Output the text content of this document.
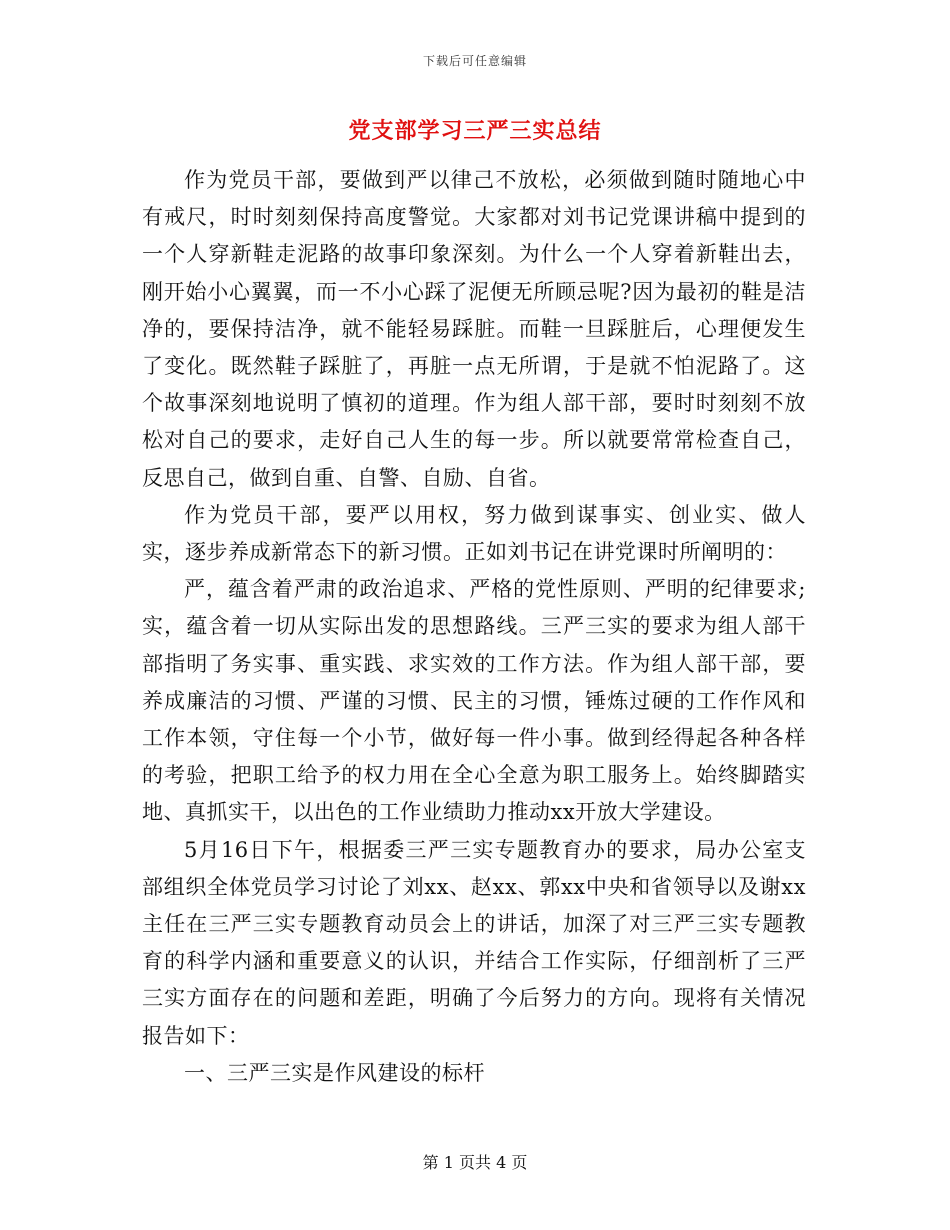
下载后可任意编辑
党支部学习三严三实总结

作为党员干部，要做到严以律己不放松，必须做到随时随地心中有戒尺，时时刻刻保持高度警觉。大家都对刘书记党课讲稿中提到的一个人穿新鞋走泥路的故事印象深刻。为什么一个人穿着新鞋出去，刚开始小心翼翼，而一不小心踩了泥便无所顾忌呢?因为最初的鞋是洁净的，要保持洁净，就不能轻易踩脏。而鞋一旦踩脏后，心理便发生了变化。既然鞋子踩脏了，再脏一点无所谓，于是就不怕泥路了。这个故事深刻地说明了慎初的道理。作为组人部干部，要时时刻刻不放松对自己的要求，走好自己人生的每一步。所以就要常常检查自己，反思自己，做到自重、自警、自励、自省。

作为党员干部，要严以用权，努力做到谋事实、创业实、做人实，逐步养成新常态下的新习惯。正如刘书记在讲党课时所阐明的：

严，蕴含着严肃的政治追求、严格的党性原则、严明的纪律要求;实，蕴含着一切从实际出发的思想路线。三严三实的要求为组人部干部指明了务实事、重实践、求实效的工作方法。作为组人部干部，要养成廉洁的习惯、严谨的习惯、民主的习惯，锤炼过硬的工作作风和工作本领，守住每一个小节，做好每一件小事。做到经得起各种各样的考验，把职工给予的权力用在全心全意为职工服务上。始终脚踏实地、真抓实干，以出色的工作业绩助力推动xx开放大学建设。

5月16日下午，根据委三严三实专题教育办的要求，局办公室支部组织全体党员学习讨论了刘xx、赵xx、郭xx中央和省领导以及谢xx主任在三严三实专题教育动员会上的讲话，加深了对三严三实专题教育的科学内涵和重要意义的认识，并结合工作实际，仔细剖析了三严三实方面存在的问题和差距，明确了今后努力的方向。现将有关情况报告如下：

一、三严三实是作风建设的标杆

第 1 页共 4 页
